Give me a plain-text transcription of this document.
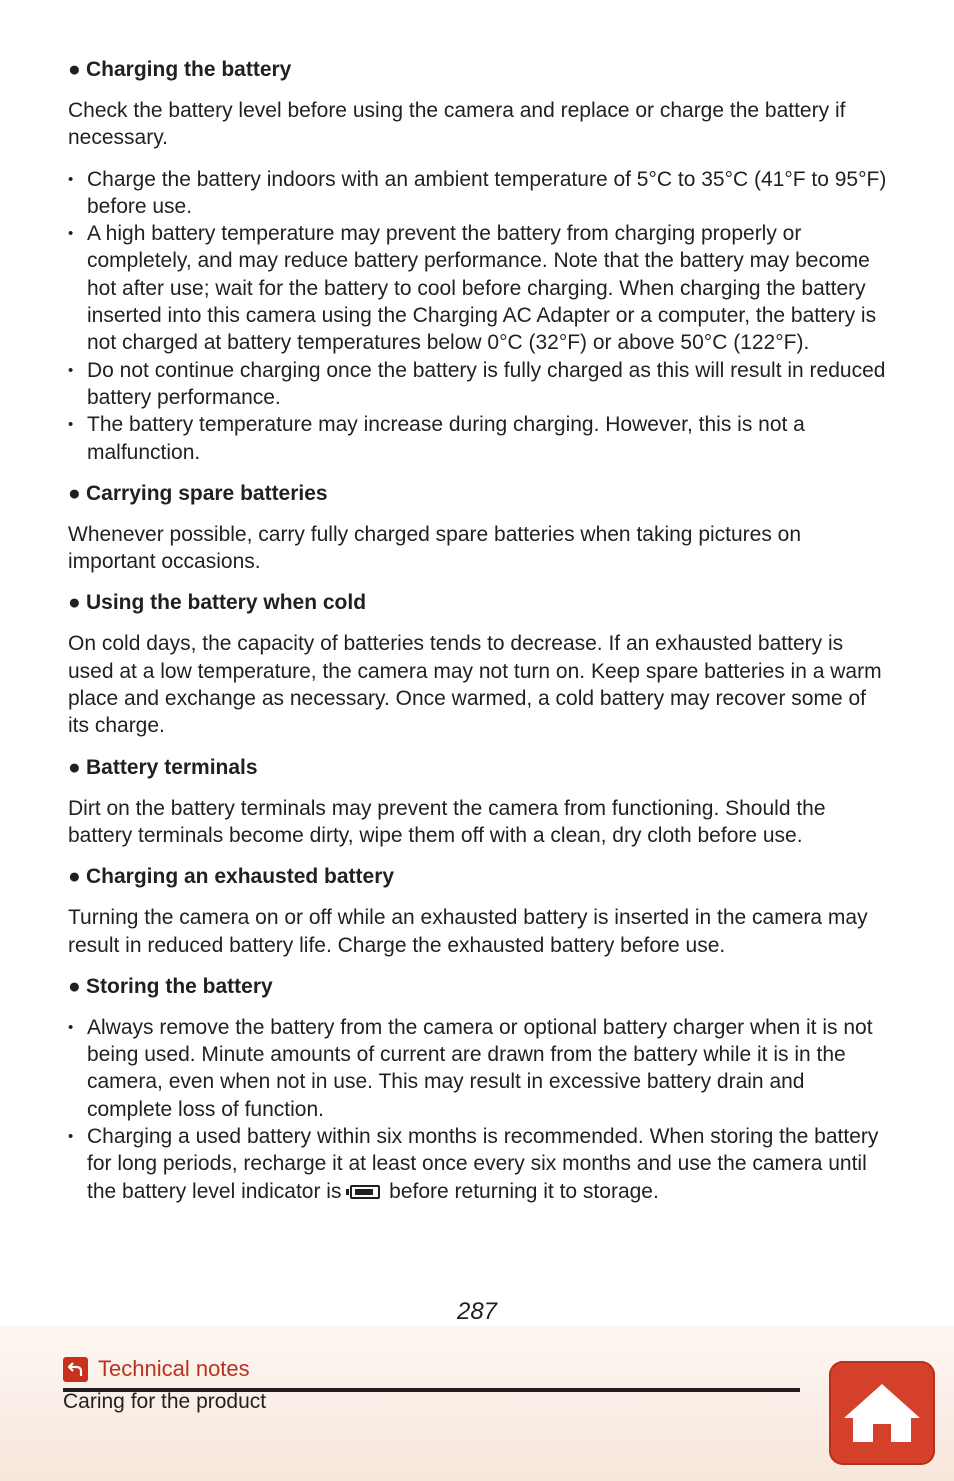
● Charging the battery

Check the battery level before using the camera and replace or charge the battery if necessary.

• Charge the battery indoors with an ambient temperature of 5°C to 35°C (41°F to 95°F) before use.
• A high battery temperature may prevent the battery from charging properly or completely, and may reduce battery performance. Note that the battery may become hot after use; wait for the battery to cool before charging. When charging the battery inserted into this camera using the Charging AC Adapter or a computer, the battery is not charged at battery temperatures below 0°C (32°F) or above 50°C (122°F).
• Do not continue charging once the battery is fully charged as this will result in reduced battery performance.
• The battery temperature may increase during charging. However, this is not a malfunction.
● Carrying spare batteries

Whenever possible, carry fully charged spare batteries when taking pictures on important occasions.

● Using the battery when cold

On cold days, the capacity of batteries tends to decrease. If an exhausted battery is used at a low temperature, the camera may not turn on. Keep spare batteries in a warm place and exchange as necessary. Once warmed, a cold battery may recover some of its charge.

● Battery terminals

Dirt on the battery terminals may prevent the camera from functioning. Should the battery terminals become dirty, wipe them off with a clean, dry cloth before use.

● Charging an exhausted battery

Turning the camera on or off while an exhausted battery is inserted in the camera may result in reduced battery life. Charge the exhausted battery before use.

● Storing the battery
• Always remove the battery from the camera or optional battery charger when it is not being used. Minute amounts of current are drawn from the battery while it is in the camera, even when not in use. This may result in excessive battery drain and complete loss of function.
• Charging a used battery within six months is recommended. When storing the battery for long periods, recharge it at least once every six months and use the camera until the battery level indicator is before returning it to storage.
287
Technical notes
Caring for the product
